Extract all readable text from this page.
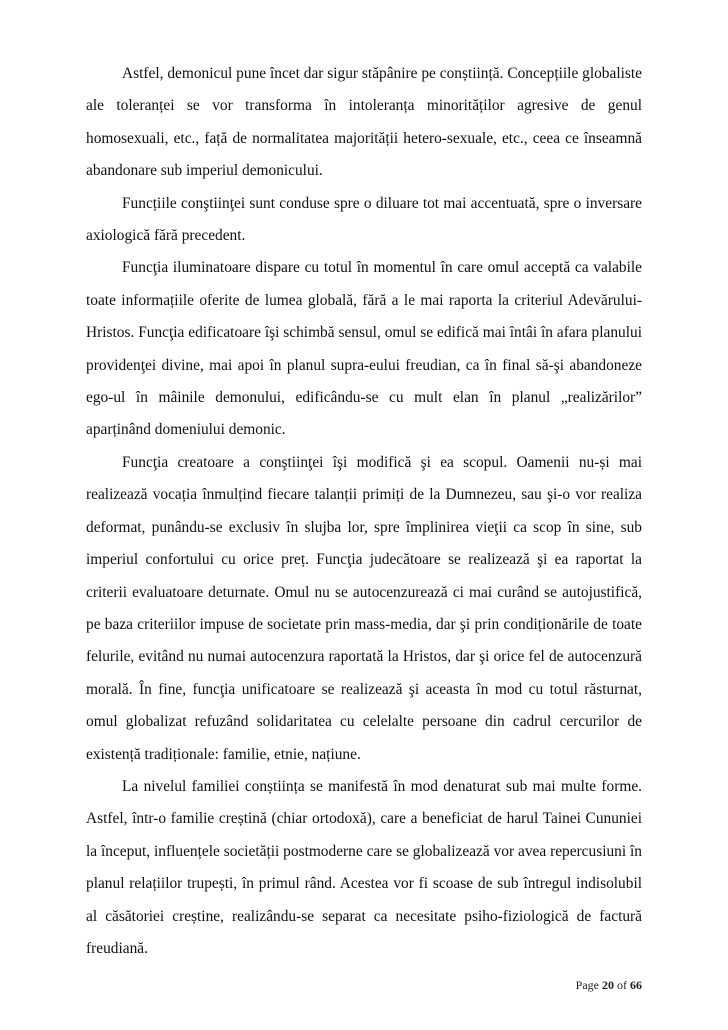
Astfel, demonicul pune încet dar sigur stăpânire pe conștiință. Concepțiile globaliste ale toleranței se vor transforma în intoleranța minorităților agresive de genul homosexuali, etc., față de normalitatea majorității hetero-sexuale, etc., ceea ce înseamnă abandonare sub imperiul demonicului.

Funcțiile conştiinţei sunt conduse spre o diluare tot mai accentuată, spre o inversare axiologică fără precedent.

Funcţia iluminatoare dispare cu totul în momentul în care omul acceptă ca valabile toate informațiile oferite de lumea globală, fără a le mai raporta la criteriul Adevărului-Hristos. Funcţia edificatoare îşi schimbă sensul, omul se edifică mai întâi în afara planului providenţei divine, mai apoi în planul supra-eului freudian, ca în final să-şi abandoneze ego-ul în mâinile demonului, edificându-se cu mult elan în planul „realizărilor” aparținând domeniului demonic.

Funcţia creatoare a conştiinţei îşi modifică şi ea scopul. Oamenii nu-și mai realizează vocația înmulțind fiecare talanții primiți de la Dumnezeu, sau şi-o vor realiza deformat, punându-se exclusiv în slujba lor, spre împlinirea vieţii ca scop în sine, sub imperiul confortului cu orice preț. Funcţia judecătoare se realizează şi ea raportat la criterii evaluatoare deturnate. Omul nu se autocenzurează ci mai curând se autojustifică, pe baza criteriilor impuse de societate prin mass-media, dar şi prin condiționările de toate felurile, evitând nu numai autocenzura raportată la Hristos, dar şi orice fel de autocenzură morală. În fine, funcţia unificatoare se realizează şi aceasta în mod cu totul răsturnat, omul globalizat refuzând solidaritatea cu celelalte persoane din cadrul cercurilor de existență tradiționale: familie, etnie, națiune.

La nivelul familiei conștiința se manifestă în mod denaturat sub mai multe forme. Astfel, într-o familie creștină (chiar ortodoxă), care a beneficiat de harul Tainei Cununiei la început, influențele societății postmoderne care se globalizează vor avea repercusiuni în planul relațiilor trupești, în primul rând. Acestea vor fi scoase de sub întregul indisolubil al căsătoriei creștine, realizându-se separat ca necesitate psiho-fiziologică de factură freudiană.

Page 20 of 66
